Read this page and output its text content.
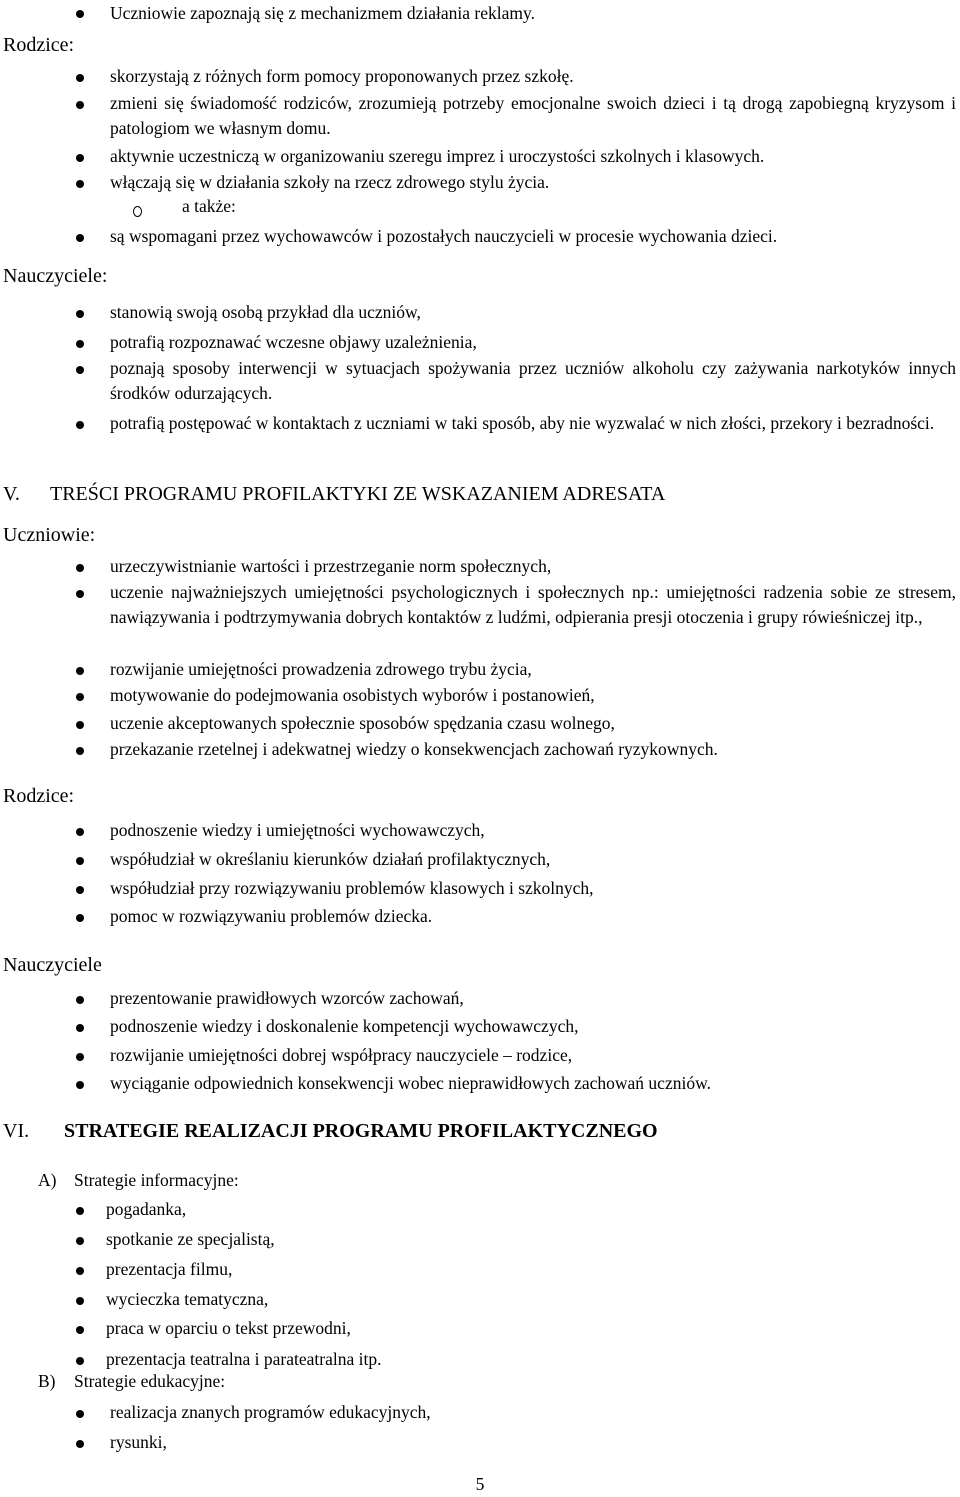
Uczniowie zapoznają się z mechanizmem działania reklamy.
Rodzice:
skorzystają z różnych form pomocy proponowanych przez szkołę.
zmieni się świadomość rodziców, zrozumieją potrzeby emocjonalne swoich dzieci i tą drogą zapobiegną kryzysom i patologiom we własnym domu.
aktywnie uczestniczą w organizowaniu szeregu imprez i uroczystości szkolnych i klasowych.
włączają się w działania szkoły na rzecz zdrowego stylu życia.
a także:
są wspomagani przez wychowawców i pozostałych nauczycieli w procesie wychowania dzieci.
Nauczyciele:
stanowią swoją osobą przykład dla uczniów,
potrafią rozpoznawać wczesne objawy uzależnienia,
poznają sposoby interwencji w sytuacjach spożywania przez uczniów alkoholu czy zażywania narkotyków innych środków odurzających.
potrafią postępować w kontaktach z uczniami w taki sposób, aby nie wyzwalać w nich złości, przekory i bezradności.
V. TREŚCI PROGRAMU PROFILAKTYKI ZE WSKAZANIEM ADRESATA
Uczniowie:
urzeczywistnianie wartości i przestrzeganie norm społecznych,
uczenie najważniejszych umiejętności psychologicznych i społecznych np.: umiejętności radzenia sobie ze stresem, nawiązywania i podtrzymywania dobrych kontaktów z ludźmi, odpierania presji otoczenia i grupy rówieśniczej itp.,
rozwijanie umiejętności prowadzenia zdrowego trybu życia,
motywowanie do podejmowania osobistych wyborów i postanowień,
uczenie akceptowanych społecznie sposobów spędzania czasu wolnego,
przekazanie rzetelnej i adekwatnej wiedzy o konsekwencjach zachowań ryzykownych.
Rodzice:
podnoszenie wiedzy i umiejętności wychowawczych,
współudział w określaniu kierunków działań profilaktycznych,
współudział przy rozwiązywaniu problemów klasowych i szkolnych,
pomoc w rozwiązywaniu problemów dziecka.
Nauczyciele
prezentowanie prawidłowych wzorców zachowań,
podnoszenie wiedzy i doskonalenie kompetencji wychowawczych,
rozwijanie umiejętności dobrej współpracy nauczyciele – rodzice,
wyciąganie odpowiednich konsekwencji wobec nieprawidłowych zachowań uczniów.
VI. STRATEGIE REALIZACJI PROGRAMU PROFILAKTYCZNEGO
A) Strategie informacyjne:
pogadanka,
spotkanie ze specjalistą,
prezentacja filmu,
wycieczka tematyczna,
praca w oparciu o tekst przewodni,
prezentacja teatralna i parateatralna itp.
B) Strategie edukacyjne:
realizacja znanych programów edukacyjnych,
rysunki,
5
